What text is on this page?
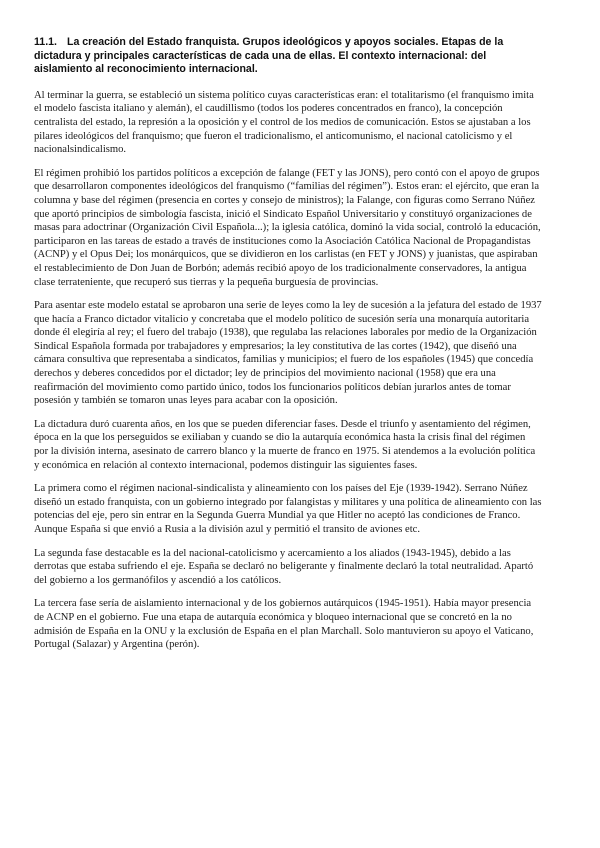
11.1. La creación del Estado franquista. Grupos ideológicos y apoyos sociales. Etapas de la dictadura y principales características de cada una de ellas. El contexto internacional: del aislamiento al reconocimiento internacional.

Al terminar la guerra, se estableció un sistema político cuyas características eran: el totalitarismo (el franquismo imita el modelo fascista italiano y alemán), el caudillismo (todos los poderes concentrados en franco), la concepción centralista del estado, la represión a la oposición y el control de los medios de comunicación. Estos se ajustaban a los pilares ideológicos del franquismo; que fueron el tradicionalismo, el anticomunismo, el nacional catolicismo y el nacionalsindicalismo.

El régimen prohibió los partidos políticos a excepción de falange (FET y las JONS), pero contó con el apoyo de grupos que desarrollaron componentes ideológicos del franquismo (“familias del régimen”). Estos eran: el ejército, que eran la columna y base del régimen (presencia en cortes y consejo de ministros); la Falange, con figuras como Serrano Núñez que aportó principios de simbología fascista, inició el Sindicato Español Universitario y constituyó organizaciones de masas para adoctrinar (Organización Civil Española...); la iglesia católica, dominó la vida social, controló la educación, participaron en las tareas de estado a través de instituciones como la Asociación Católica Nacional de Propagandistas (ACNP) y el Opus Dei; los monárquicos, que se dividieron en los carlistas (en FET y JONS) y juanistas, que aspiraban el restablecimiento de Don Juan de Borbón; además recibió apoyo de los tradicionalmente conservadores, la antigua clase terrateniente, que recuperó sus tierras y la pequeña burguesía de provincias.

Para asentar este modelo estatal se aprobaron una serie de leyes como la ley de sucesión a la jefatura del estado de 1937 que hacía a Franco dictador vitalicio y concretaba que el modelo político de sucesión sería una monarquía autoritaria donde él elegiría al rey; el fuero del trabajo (1938), que regulaba las relaciones laborales por medio de la Organización Sindical Española formada por trabajadores y empresarios; la ley constitutiva de las cortes (1942), que diseñó una cámara consultiva que representaba a sindicatos, familias y municipios; el fuero de los españoles (1945) que concedía derechos y deberes concedidos por el dictador; ley de principios del movimiento nacional (1958) que era una reafirmación del movimiento como partido único, todos los funcionarios políticos debían jurarlos antes de tomar posesión y también se tomaron unas leyes para acabar con la oposición.

La dictadura duró cuarenta años, en los que se pueden diferenciar fases. Desde el triunfo y asentamiento del régimen, época en la que los perseguidos se exiliaban y cuando se dio la autarquía económica hasta la crisis final del régimen por la división interna, asesinato de carrero blanco y la muerte de franco en 1975. Si atendemos a la evolución política y económica en relación al contexto internacional, podemos distinguir las siguientes fases.

La primera como el régimen nacional-sindicalista y alineamiento con los países del Eje (1939-1942). Serrano Núñez diseñó un estado franquista, con un gobierno integrado por falangistas y militares y una política de alineamiento con las potencias del eje, pero sin entrar en la Segunda Guerra Mundial ya que Hitler no aceptó las condiciones de Franco. Aunque España si que envió a Rusia a la división azul y permitió el transito de aviones etc.

La segunda fase destacable es la del nacional-catolicismo y acercamiento a los aliados (1943-1945), debido a las derrotas que estaba sufriendo el eje. España se declaró no beligerante y finalmente declaró la total neutralidad. Apartó del gobierno a los germanófilos y ascendió a los católicos.

La tercera fase sería de aislamiento internacional y de los gobiernos autárquicos (1945-1951). Había mayor presencia de ACNP en el gobierno. Fue una etapa de autarquía económica y bloqueo internacional que se concretó en la no admisión de España en la ONU y la exclusión de España en el plan Marchall. Solo mantuvieron su apoyo el Vaticano, Portugal (Salazar) y Argentina (perón).
